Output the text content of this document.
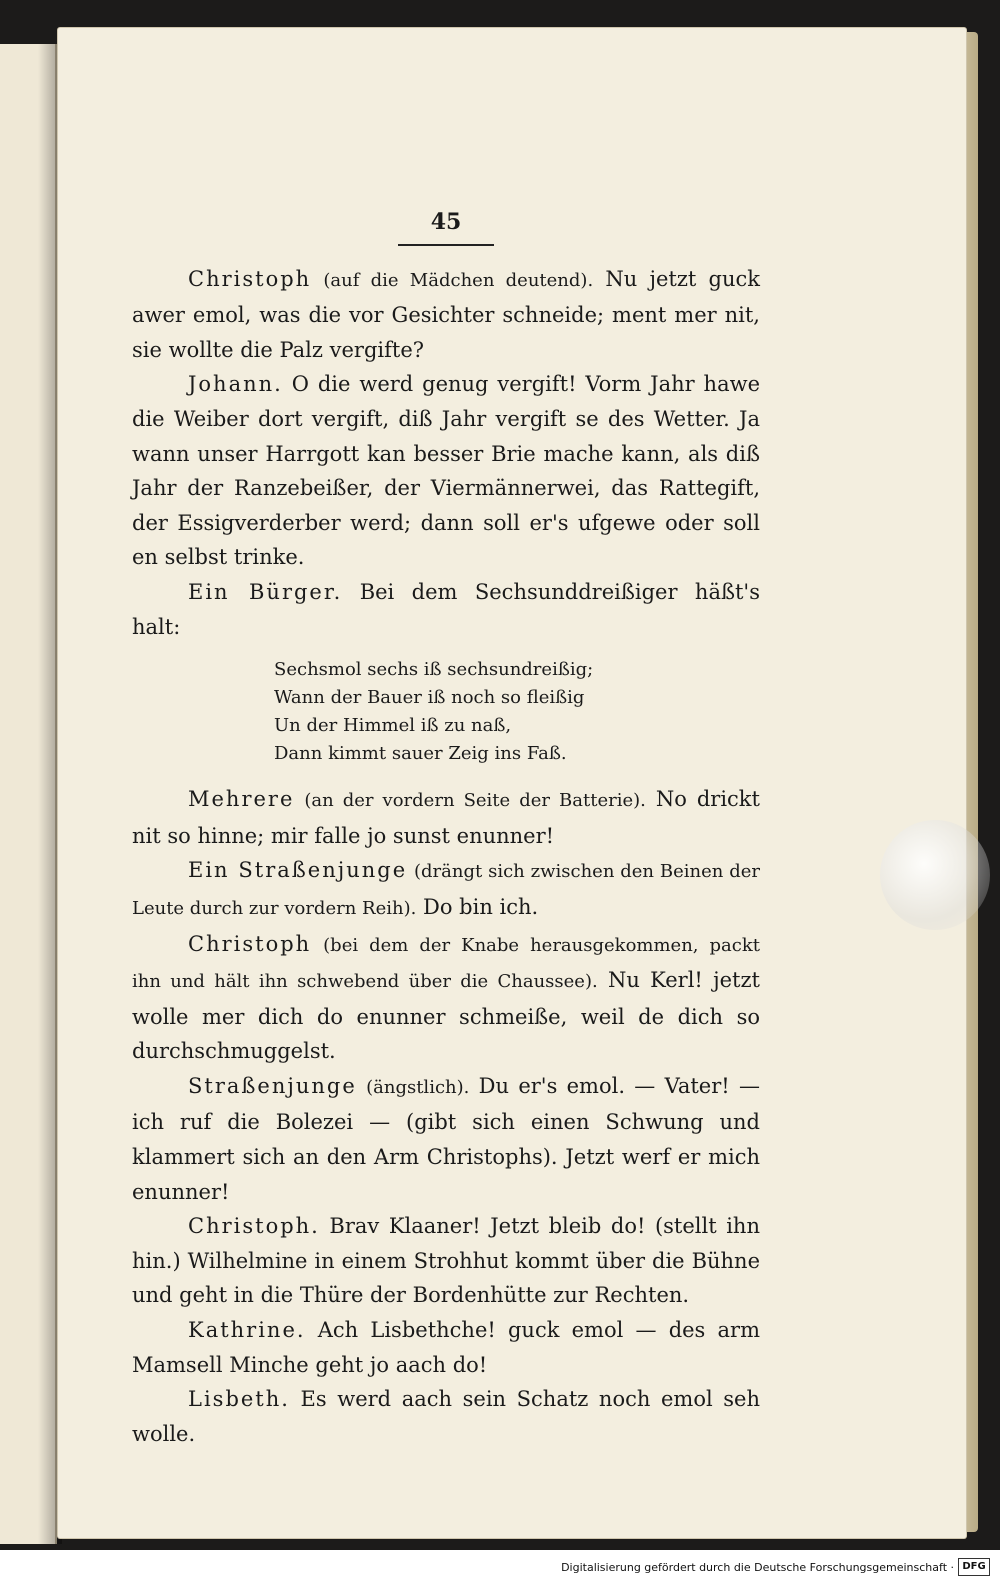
45

Christoph (auf die Mädchen deutend). Nu jetzt guck awer emol, was die vor Gesichter schneide; ment mer nit, sie wollte die Palz vergifte?

Johann. O die werd genug vergift! Vorm Jahr hawe die Weiber dort vergift, diß Jahr vergift se des Wetter. Ja wann unser Harrgott kan besser Brie mache kann, als diß Jahr der Ranzebeißer, der Viermännerwei, das Rattegift, der Essigverderber werd; dann soll er's ufgewe oder soll en selbst trinke.

Ein Bürger. Bei dem Sechsunddreißiger häßt's halt:

Sechsmol sechs iß sechsundreißig;
Wann der Bauer iß noch so fleißig
Un der Himmel iß zu naß,
Dann kimmt sauer Zeig ins Faß.

Mehrere (an der vordern Seite der Batterie). No drickt nit so hinne; mir falle jo sunst enunner!

Ein Straßenjunge (drängt sich zwischen den Beinen der Leute durch zur vordern Reih). Do bin ich.

Christoph (bei dem der Knabe herausgekommen, packt ihn und hält ihn schwebend über die Chaussee). Nu Kerl! jetzt wolle mer dich do enunner schmeiße, weil de dich so durchschmuggelst.

Straßenjunge (ängstlich). Du er's emol. — Vater! — ich ruf die Bolezei — (gibt sich einen Schwung und klammert sich an den Arm Christophs). Jetzt werf er mich enunner!

Christoph. Brav Klaaner! Jetzt bleib do! (stellt ihn hin.) Wilhelmine in einem Strohhut kommt über die Bühne und geht in die Thüre der Bordenhütte zur Rechten.

Kathrine. Ach Lisbethche! guck emol — des arm Mamsell Minche geht jo aach do!

Lisbeth. Es werd aach sein Schatz noch emol seh wolle.

Digitalisierung gefördert durch die Deutsche Forschungsgemeinschaft · DFG
